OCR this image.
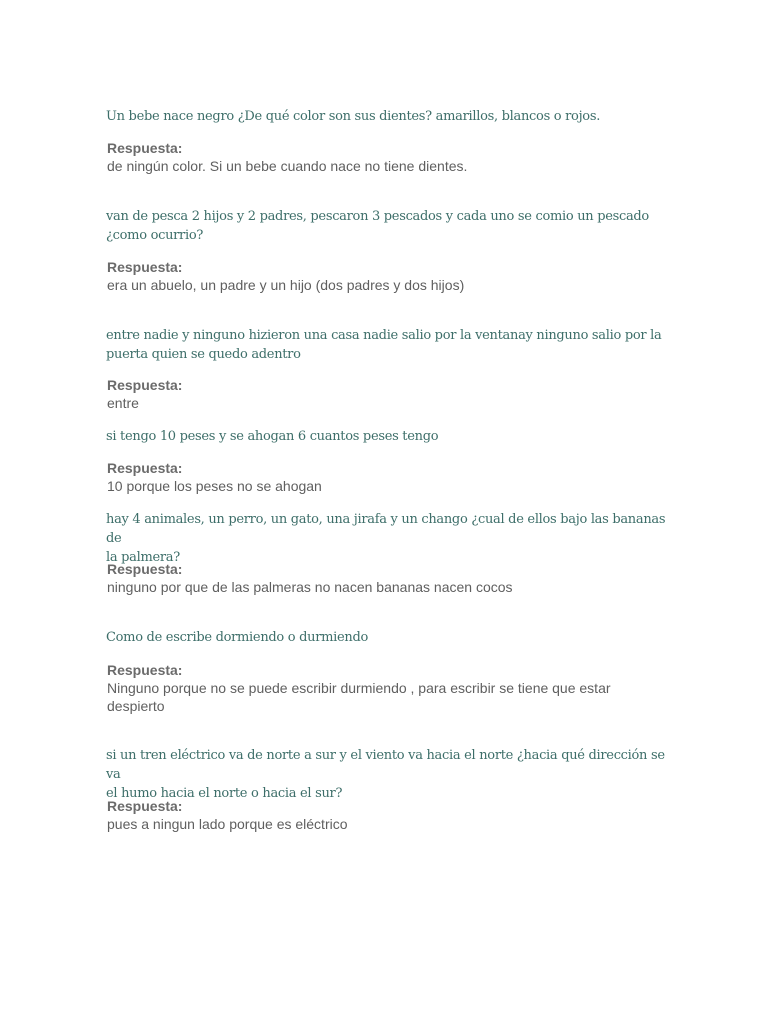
Un bebe nace negro ¿De qué color son sus dientes? amarillos, blancos o rojos.
Respuesta:
de ningún color. Si un bebe cuando nace no tiene dientes.
van de pesca 2 hijos y 2 padres, pescaron 3 pescados y cada uno se comio un pescado
¿como ocurrio?
Respuesta:
era un abuelo, un padre y un hijo (dos padres y dos hijos)
entre nadie y ninguno hizieron una casa nadie salio por la ventanay ninguno salio por la
puerta quien se quedo adentro
Respuesta:
entre
si tengo 10 peses y se ahogan 6 cuantos peses tengo
Respuesta:
10 porque los peses no se ahogan
hay 4 animales, un perro, un gato, una jirafa y un chango ¿cual de ellos bajo las bananas de
la palmera?
Respuesta:
ninguno por que de las palmeras no nacen bananas nacen cocos
Como de escribe dormiendo o durmiendo
Respuesta:
Ninguno porque no se puede escribir durmiendo , para escribir se tiene que estar
despierto
si un tren eléctrico va de norte a sur y el viento va hacia el norte ¿hacia qué dirección se va
el humo hacia el norte o hacia el sur?
Respuesta:
pues a ningun lado porque es eléctrico
